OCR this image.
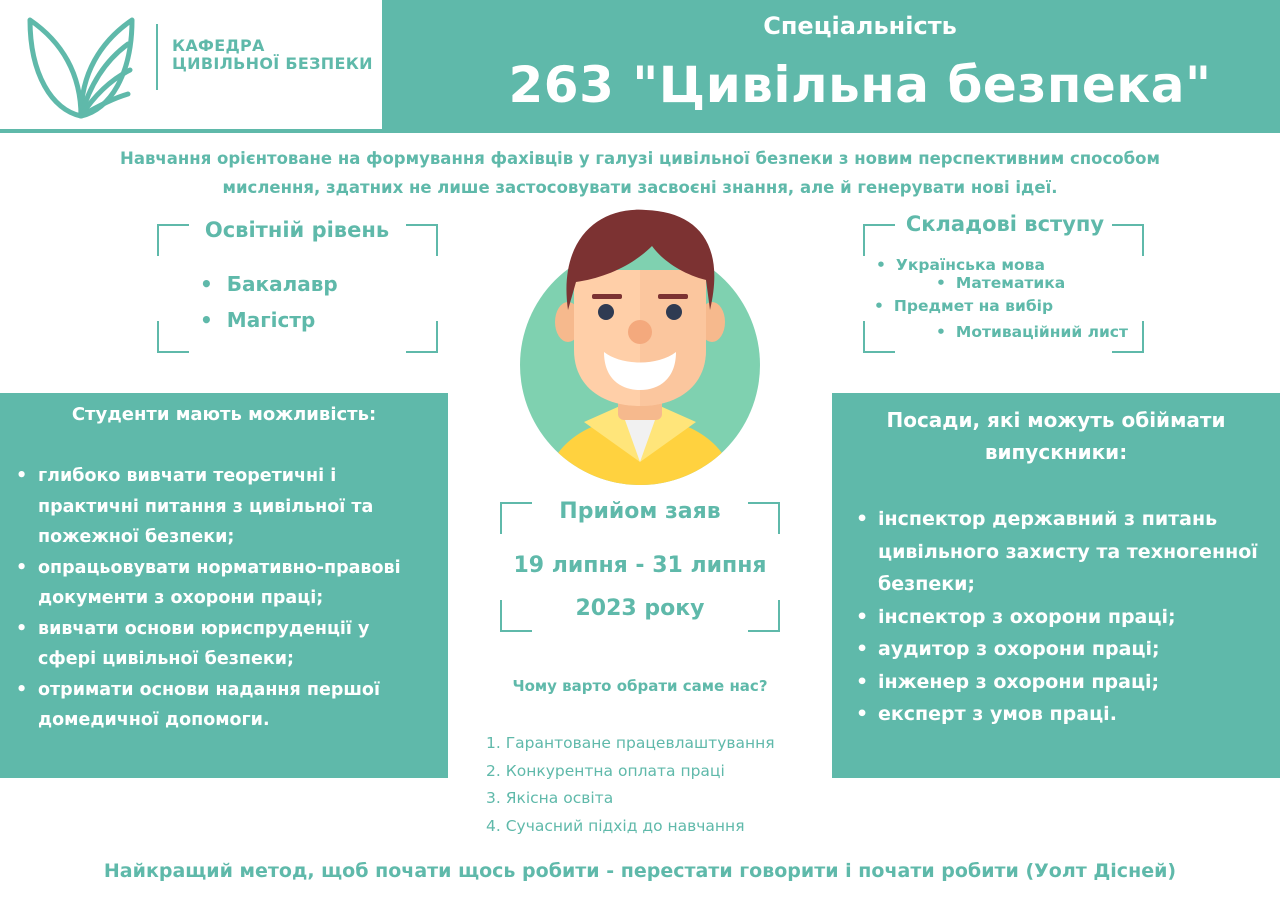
КАФЕДРА
ЦИВІЛЬНОЇ БЕЗПЕКИ
Спеціальність
263 "Цивільна безпека"
Навчання орієнтоване на формування фахівців у галузі цивільної безпеки з новим перспективним способом
мислення, здатних не лише застосовувати засвоєні знання, але й генерувати нові ідеї.
Освітній рівень
• Бакалавр
• Магістр
Складові вступу
• Українська мова
• Математика
• Предмет на вибір
• Мотиваційний лист
Студенти мають можливість:
• глибоко вивчати теоретичні і
практичні питання з цивільної та
пожежної безпеки;
• опрацьовувати нормативно-правові
документи з охорони праці;
• вивчати основи юриспруденції у
сфері цивільної безпеки;
• отримати основи надання першої
домедичної допомоги.
Посади, які можуть обіймати
випускники:
• інспектор державний з питань
цивільного захисту та техногенної
безпеки;
• інспектор з охорони праці;
• аудитор з охорони праці;
• інженер з охорони праці;
• експерт з умов праці.
Прийом заяв
19 липня - 31 липня
2023 року
Чому варто обрати саме нас?
1. Гарантоване працевлаштування
2. Конкурентна оплата праці
3. Якісна освіта
4. Сучасний підхід до навчання
Найкращий метод, щоб почати щось робити - перестати говорити і почати робити (Уолт Дісней)
